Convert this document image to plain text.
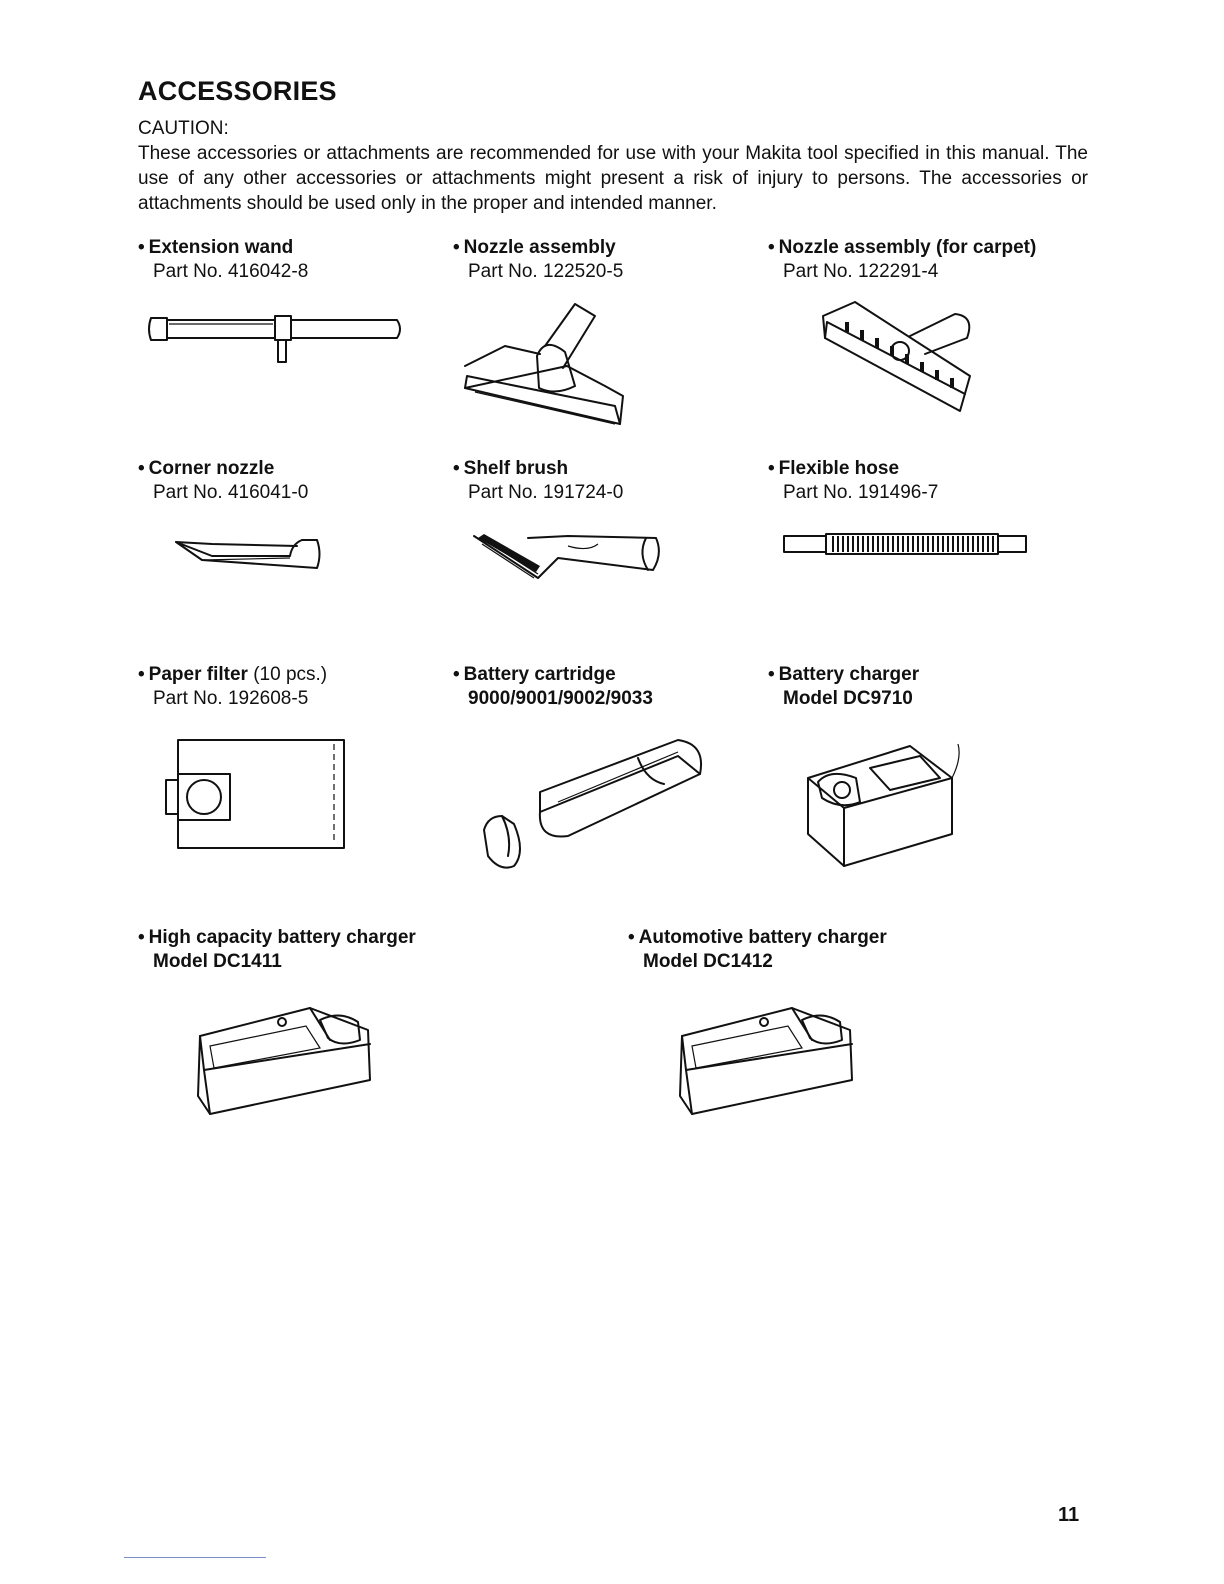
ACCESSORIES
CAUTION:
These accessories or attachments are recommended for use with your Makita tool specified in this manual. The use of any other accessories or attachments might present a risk of injury to persons. The accessories or attachments should be used only in the proper and intended manner.
• Extension wand
Part No. 416042-8
• Nozzle assembly
Part No. 122520-5
• Nozzle assembly (for carpet)
Part No. 122291-4
• Corner nozzle
Part No. 416041-0
• Shelf brush
Part No. 191724-0
• Flexible hose
Part No. 191496-7
• Paper filter (10 pcs.)
Part No. 192608-5
• Battery cartridge
9000/9001/9002/9033
• Battery charger
Model DC9710
• High capacity battery charger
Model DC1411
• Automotive battery charger
Model DC1412
11
